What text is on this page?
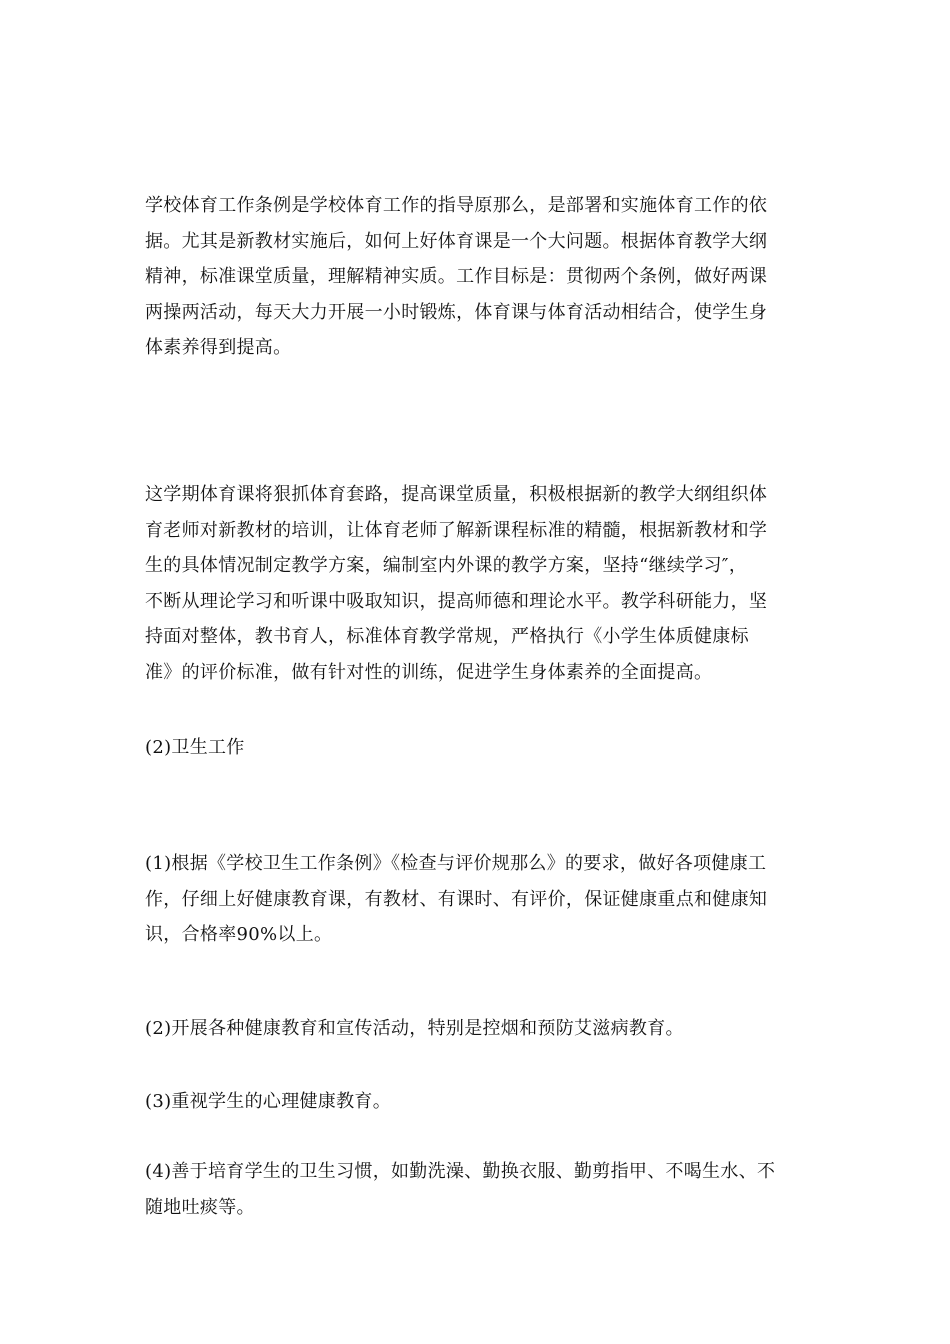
学校体育工作条例是学校体育工作的指导原那么，是部署和实施体育工作的依
据。尤其是新教材实施后，如何上好体育课是一个大问题。根据体育教学大纲
精神，标准课堂质量，理解精神实质。工作目标是：贯彻两个条例，做好两课
两操两活动，每天大力开展一小时锻炼，体育课与体育活动相结合，使学生身
体素养得到提高。

这学期体育课将狠抓体育套路，提高课堂质量，积极根据新的教学大纲组织体
育老师对新教材的培训，让体育老师了解新课程标准的精髓，根据新教材和学
生的具体情况制定教学方案，编制室内外课的教学方案，坚持“继续学习″，
不断从理论学习和听课中吸取知识，提高师德和理论水平。教学科研能力，坚
持面对整体，教书育人，标准体育教学常规，严格执行《小学生体质健康标
准》的评价标准，做有针对性的训练，促进学生身体素养的全面提高。

(2)卫生工作

(1)根据《学校卫生工作条例》《检查与评价规那么》的要求，做好各项健康工
作，仔细上好健康教育课，有教材、有课时、有评价，保证健康重点和健康知
识，合格率90%以上。

(2)开展各种健康教育和宣传活动，特别是控烟和预防艾滋病教育。

(3)重视学生的心理健康教育。

(4)善于培育学生的卫生习惯，如勤洗澡、勤换衣服、勤剪指甲、不喝生水、不
随地吐痰等。
